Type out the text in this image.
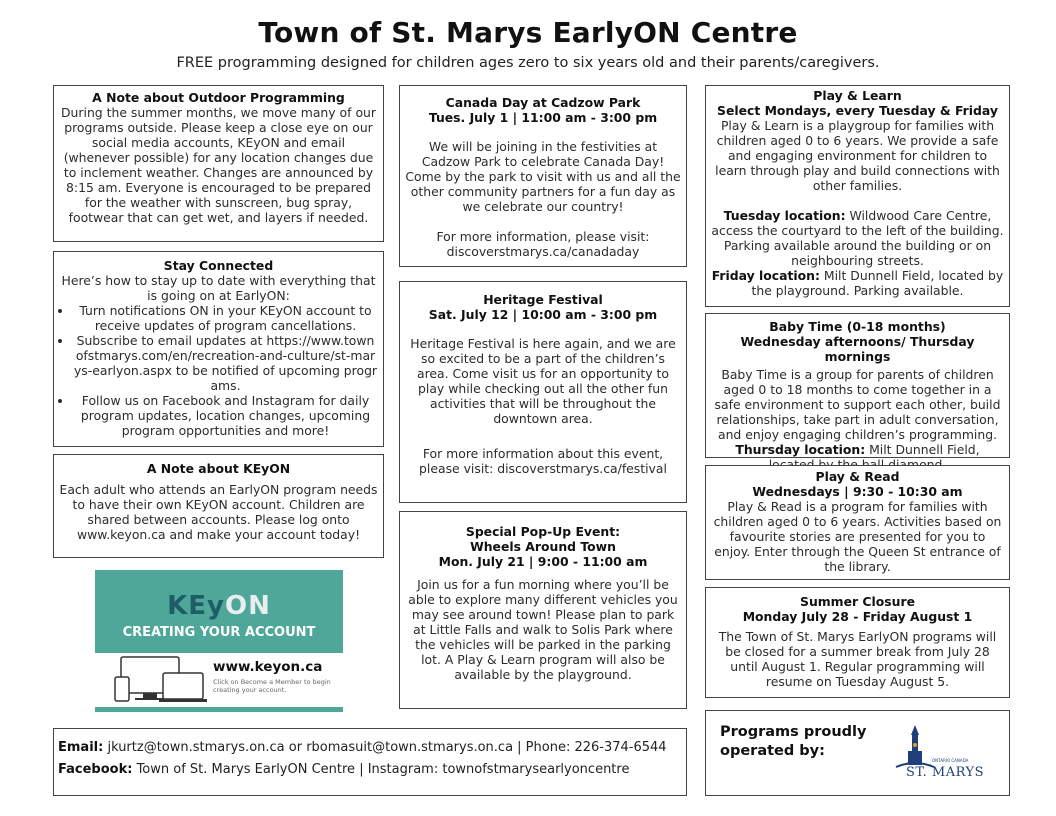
Town of St. Marys EarlyON Centre
FREE programming designed for children ages zero to six years old and their parents/caregivers.

A Note about Outdoor Programming

During the summer months, we move many of our programs outside. Please keep a close eye on our social media accounts, KEyON and email (whenever possible) for any location changes due to inclement weather. Changes are announced by 8:15 am. Everyone is encouraged to be prepared for the weather with sunscreen, bug spray, footwear that can get wet, and layers if needed.

Stay Connected

Here’s how to stay up to date with everything that is going on at EarlyON:

• Turn notifications ON in your KEyON account to receive updates of program cancellations.
• Subscribe to email updates at https://www.townofstmarys.com/en/recreation-and-culture/st-marys-earlyon.aspx to be notified of upcoming programs.
• Follow us on Facebook and Instagram for daily program updates, location changes, upcoming program opportunities and more!

A Note about KEyON

Each adult who attends an EarlyON program needs to have their own KEyON account. Children are shared between accounts. Please log onto www.keyon.ca and make your account today!

KEyON
CREATING YOUR ACCOUNT
www.keyon.ca
Click on Become a Member to begin creating your account.

Canada Day at Cadzow Park

Tues. July 1 | 11:00 am - 3:00 pm

We will be joining in the festivities at Cadzow Park to celebrate Canada Day! Come by the park to visit with us and all the other community partners for a fun day as we celebrate our country!

For more information, please visit: discoverstmarys.ca/canadaday

Heritage Festival

Sat. July 12 | 10:00 am - 3:00 pm

Heritage Festival is here again, and we are so excited to be a part of the children’s area. Come visit us for an opportunity to play while checking out all the other fun activities that will be throughout the downtown area.

For more information about this event, please visit: discoverstmarys.ca/festival

Special Pop-Up Event: Wheels Around Town

Mon. July 21 | 9:00 - 11:00 am

Join us for a fun morning where you’ll be able to explore many different vehicles you may see around town! Please plan to park at Little Falls and walk to Solis Park where the vehicles will be parked in the parking lot. A Play & Learn program will also be available by the playground.

Play & Learn

Select Mondays, every Tuesday & Friday

Play & Learn is a playgroup for families with children aged 0 to 6 years. We provide a safe and engaging environment for children to learn through play and build connections with other families.

Tuesday location: Wildwood Care Centre, access the courtyard to the left of the building. Parking available around the building or on neighbouring streets.

Friday location: Milt Dunnell Field, located by the playground. Parking available.

Baby Time (0-18 months)

Wednesday afternoons/ Thursday mornings

Baby Time is a group for parents of children aged 0 to 18 months to come together in a safe environment to support each other, build relationships, take part in adult conversation, and enjoy engaging children’s programming.

Thursday location: Milt Dunnell Field,

Play & Read

Wednesdays | 9:30 - 10:30 am

Play & Read is a program for families with children aged 0 to 6 years. Activities based on favourite stories are presented for you to enjoy. Enter through the Queen St entrance of the library.

Summer Closure

Monday July 28 - Friday August 1

The Town of St. Marys EarlyON programs will be closed for a summer break from July 28 until August 1. Regular programming will resume on Tuesday August 5.

Email: jkurtz@town.stmarys.on.ca or rbomasuit@town.stmarys.on.ca | Phone: 226-374-6544
Facebook: Town of St. Marys EarlyON Centre | Instagram: townofstmarysearlyoncentre
Programs proudly operated by:
ONTARIO CANADA
ST. MARYS
